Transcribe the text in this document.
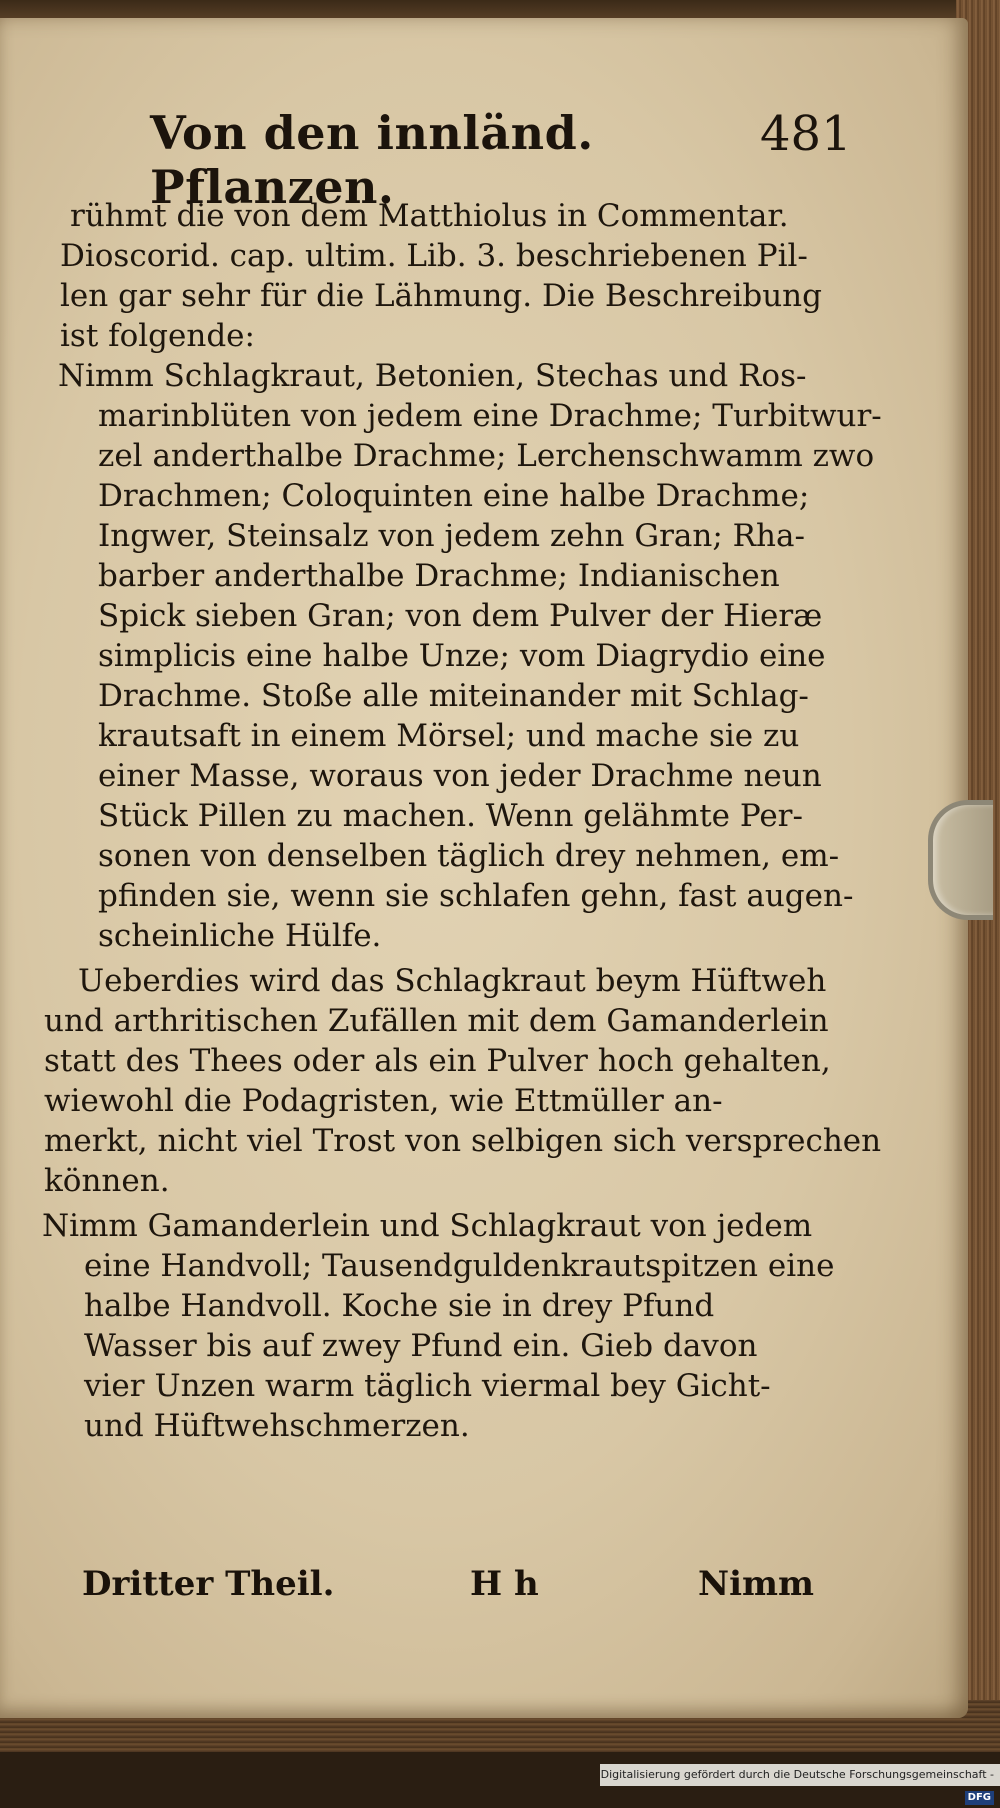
Von den innländ. Pflanzen.
481
rühmt die von dem Matthiolus in Commentar.
Dioscorid. cap. ultim. Lib. 3. beschriebenen Pil-
len gar sehr für die Lähmung. Die Beschreibung
ist folgende:
Nimm Schlagkraut, Betonien, Stechas und Ros-
marinblüten von jedem eine Drachme; Turbitwur-
zel anderthalbe Drachme; Lerchenschwamm zwo
Drachmen; Coloquinten eine halbe Drachme;
Ingwer, Steinsalz von jedem zehn Gran; Rha-
barber anderthalbe Drachme; Indianischen
Spick sieben Gran; von dem Pulver der Hieræ
simplicis eine halbe Unze; vom Diagrydio eine
Drachme. Stoße alle miteinander mit Schlag-
krautsaft in einem Mörsel; und mache sie zu
einer Masse, woraus von jeder Drachme neun
Stück Pillen zu machen. Wenn gelähmte Per-
sonen von denselben täglich drey nehmen, em-
pfinden sie, wenn sie schlafen gehn, fast augen-
scheinliche Hülfe.
Ueberdies wird das Schlagkraut beym Hüftweh
und arthritischen Zufällen mit dem Gamanderlein
statt des Thees oder als ein Pulver hoch gehalten,
wiewohl die Podagristen, wie Ettmüller an-
merkt, nicht viel Trost von selbigen sich versprechen
können.
Nimm Gamanderlein und Schlagkraut von jedem
eine Handvoll; Tausendguldenkrautspitzen eine
halbe Handvoll. Koche sie in drey Pfund
Wasser bis auf zwey Pfund ein. Gieb davon
vier Unzen warm täglich viermal bey Gicht-
und Hüftwehschmerzen.
Dritter Theil.	H h	Nimm
Digitalisierung gefördert durch die Deutsche Forschungsgemeinschaft -DFG
